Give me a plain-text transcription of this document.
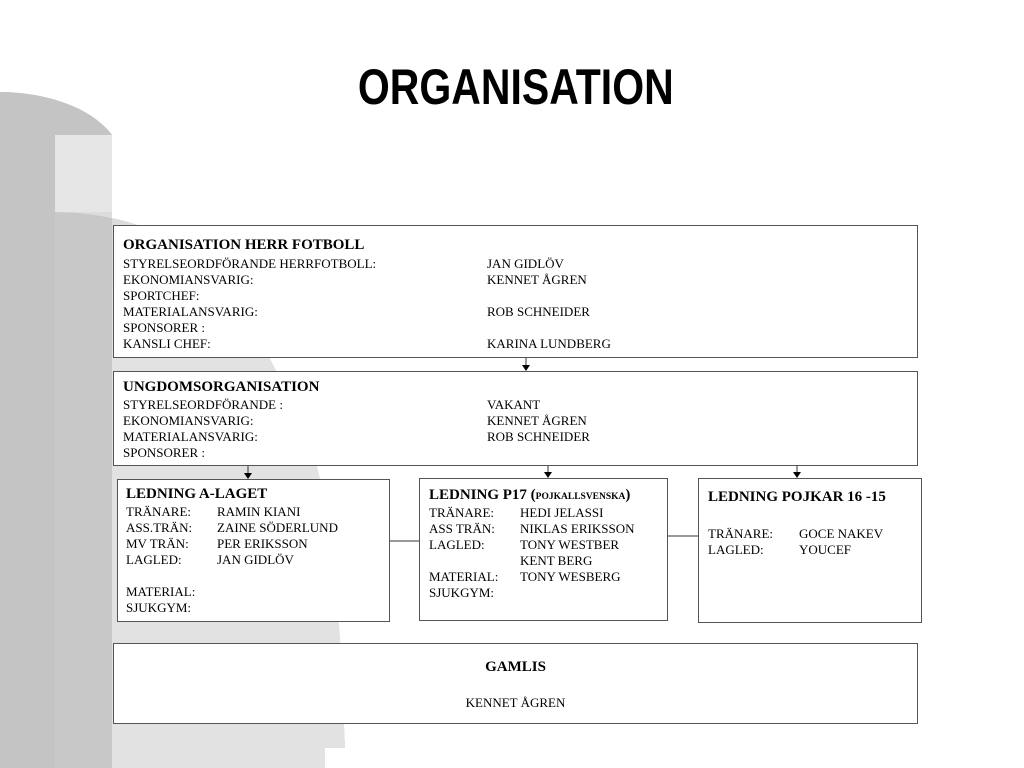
ORGANISATION
ORGANISATION HERR FOTBOLL
STYRELSEORDFÖRANDE HERRFOTBOLL:	JAN GIDLÖV
EKONOMIANSVARIG:	KENNET ÅGREN
SPORTCHEF:
MATERIALANSVARIG:	ROB SCHNEIDER
SPONSORER :
KANSLI CHEF:	KARINA LUNDBERG
UNGDOMSORGANISATION
STYRELSEORDFÖRANDE :	VAKANT
EKONOMIANSVARIG:	KENNET ÅGREN
MATERIALANSVARIG:	ROB SCHNEIDER
SPONSORER :
LEDNING A-LAGET
TRÄNARE: RAMIN KIANI
ASS.TRÄN: ZAINE SÖDERLUND
MV TRÄN: PER ERIKSSON
LAGLED:	JAN GIDLÖV
MATERIAL:
SJUKGYM:
LEDNING P17 (POJKALLSVENSKA)
TRÄNARE: HEDI JELASSI
ASS TRÄN: NIKLAS ERIKSSON
LAGLED:	TONY WESTBER
KENT BERG
MATERIAL: TONY WESBERG
SJUKGYM:
LEDNING POJKAR 16 -15
TRÄNARE: GOCE NAKEV
LAGLED:	YOUCEF
GAMLIS
KENNET ÅGREN
